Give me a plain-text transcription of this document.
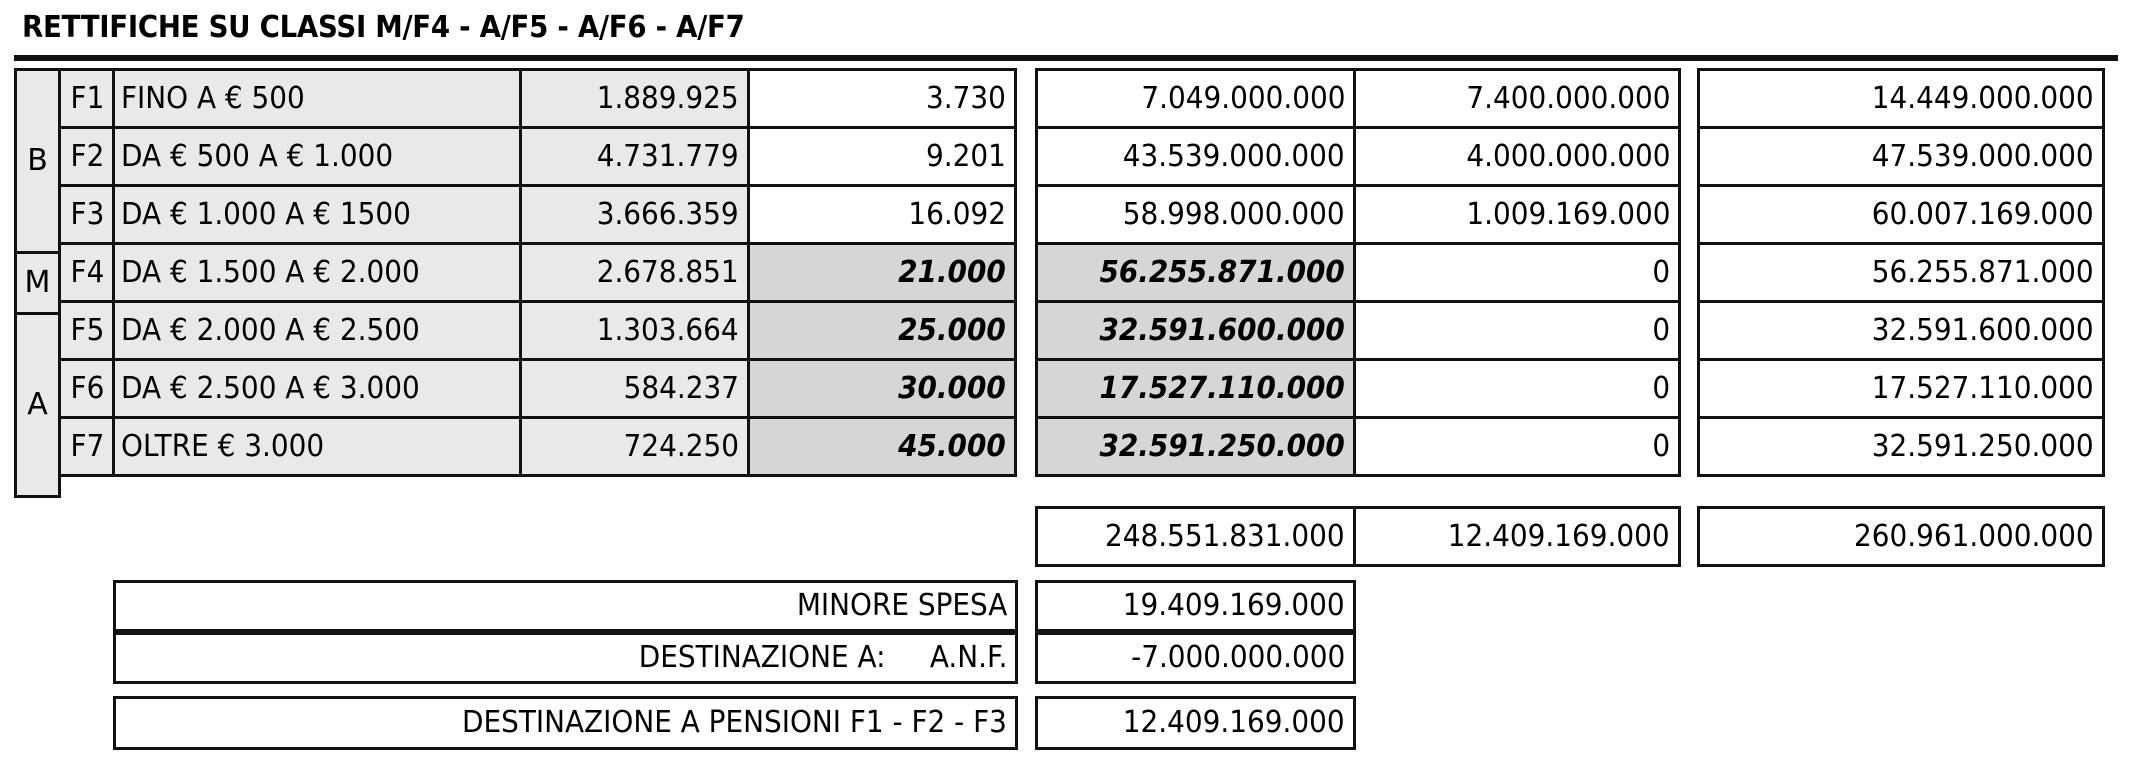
RETTIFICHE SU CLASSI M/F4 - A/F5 - A/F6 - A/F7
F1 FINO A € 500	1.889.925	3.730	7.049.000.000	7.400.000.000	14.449.000.000
F2 DA € 500 A € 1.000	4.731.779	9.201	43.539.000.000	4.000.000.000	47.539.000.000
F3 DA € 1.000 A € 1500	3.666.359	16.092	58.998.000.000	1.009.169.000	60.007.169.000
F4 DA € 1.500 A € 2.000	2.678.851	21.000	56.255.871.000	0	56.255.871.000
F5 DA € 2.000 A € 2.500	1.303.664	25.000	32.591.600.000	0	32.591.600.000
F6 DA € 2.500 A € 3.000	584.237	30.000	17.527.110.000	0	17.527.110.000
F7 OLTRE € 3.000	724.250	45.000	32.591.250.000	0	32.591.250.000
B
M
A
248.551.831.000	12.409.169.000	260.961.000.000
MINORE SPESA	19.409.169.000
DESTINAZIONE A: A.N.F.	-7.000.000.000
DESTINAZIONE A PENSIONI F1 - F2 - F3	12.409.169.000
